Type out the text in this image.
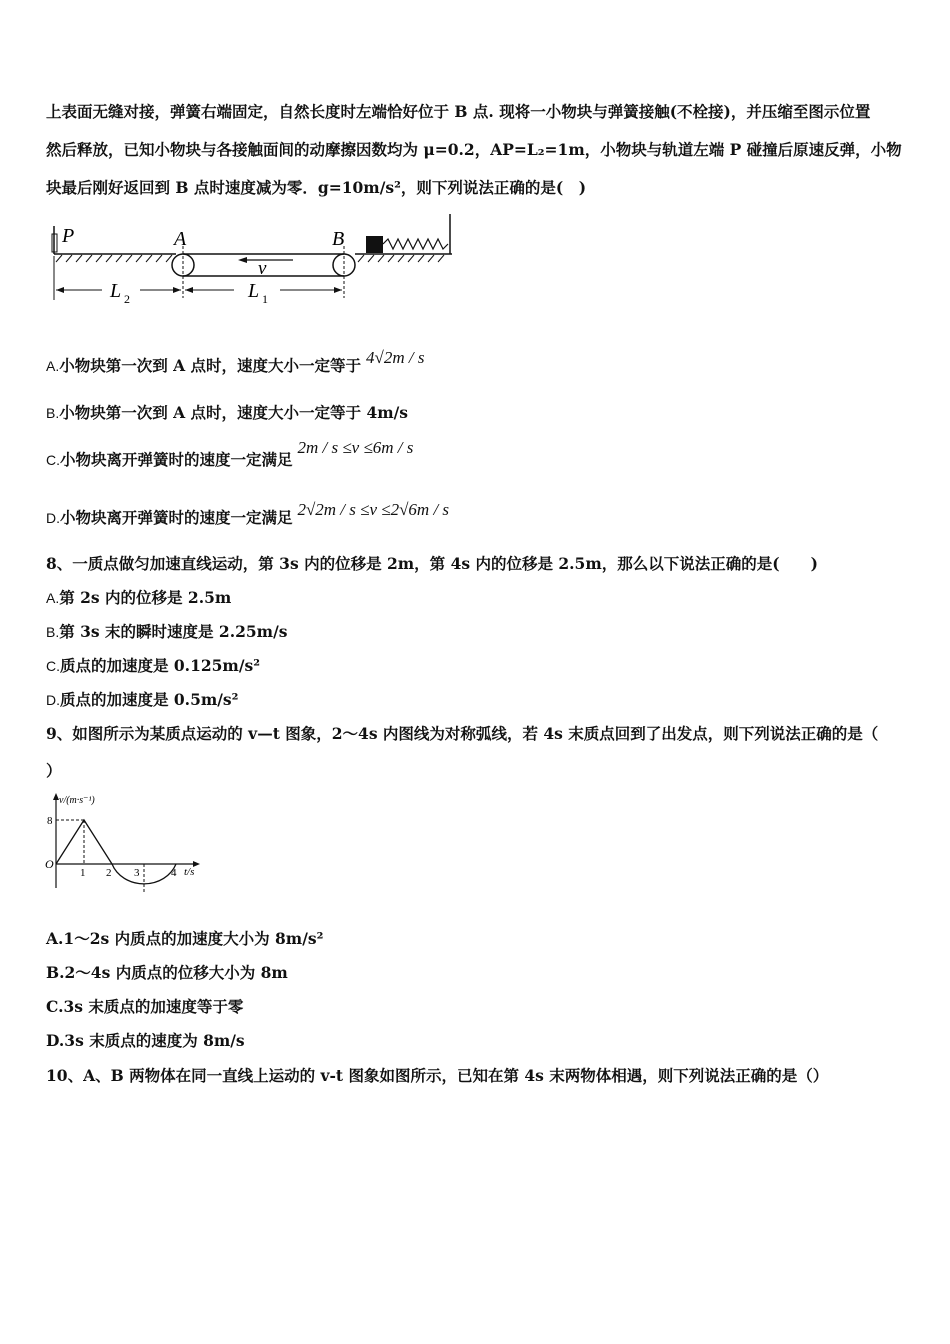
上表面无缝对接，弹簧右端固定，自然长度时左端恰好位于 B 点. 现将一小物块与弹簧接触(不栓接)，并压缩至图示位置
然后释放，已知小物块与各接触面间的动摩擦因数均为 μ=0.2，AP=L₂=1m，小物块与轨道左端 P 碰撞后原速反弹，小物
块最后刚好返回到 B 点时速度减为零．g=10m/s²，则下列说法正确的是(　)
P	A	B
v
L 2	L 1
A.小物块第一次到 A 点时，速度大小一定等于 4√2m / s
B.小物块第一次到 A 点时，速度大小一定等于 4m/s
C.小物块离开弹簧时的速度一定满足 2m / s ≤v ≤6m / s
D.小物块离开弹簧时的速度一定满足 2√2m / s ≤v ≤2√6m / s
8、一质点做匀加速直线运动，第 3s 内的位移是 2m，第 4s 内的位移是 2.5m，那么以下说法正确的是(　　)
A.第 2s 内的位移是 2.5m
B.第 3s 末的瞬时速度是 2.25m/s
C.质点的加速度是 0.125m/s²
D.质点的加速度是 0.5m/s²
9、如图所示为某质点运动的 v—t 图象，2～4s 内图线为对称弧线，若 4s 末质点回到了出发点，则下列说法正确的是（
）
v/(m·s⁻¹)
8
O
1 2 3	4 t/s
A.1～2s 内质点的加速度大小为 8m/s²
B.2～4s 内质点的位移大小为 8m
C.3s 末质点的加速度等于零
D.3s 末质点的速度为 8m/s
10、A、B 两物体在同一直线上运动的 v-t 图象如图所示，已知在第 4s 末两物体相遇，则下列说法正确的是（）
